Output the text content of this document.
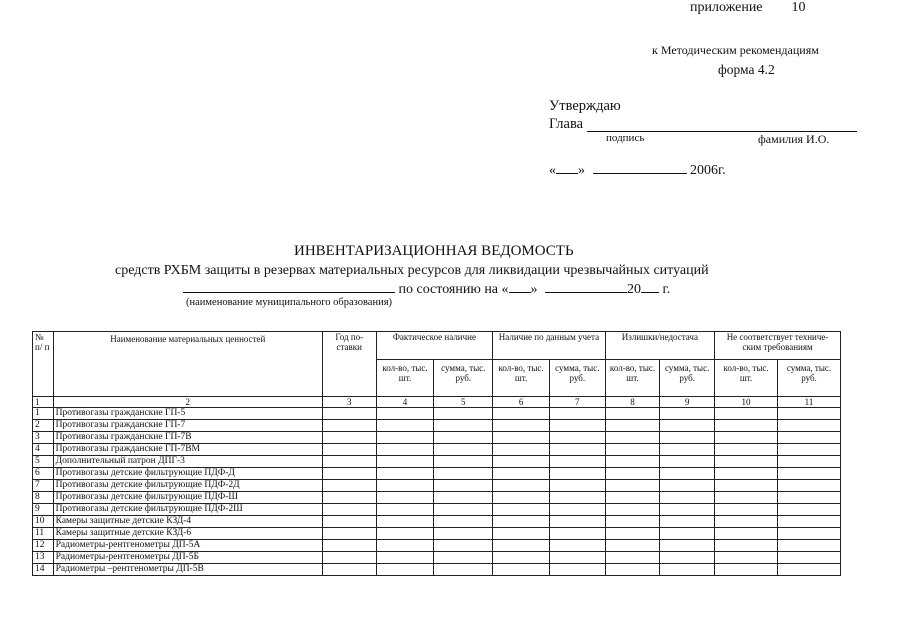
приложение 10
к Методическим рекомендациям
форма 4.2
Утверждаю
Глава
подпись	фамилия И.О.
« »	2006г.
ИНВЕНТАРИЗАЦИОННАЯ ВЕДОМОСТЬ
средств РХБМ защиты в резервах материальных ресурсов для ликвидации чрезвычайных ситуаций
по состоянию на « »	20 г.
(наименование муниципального образования)
№ п/ п	Наименование материальных ценностей	Год по- ставки	Фактическое наличие		Наличие по данным учета		Излишки/недостача		Не соответствует техниче- ским требованиям	
			кол-во, тыс. шт.	сумма, тыс. руб.	кол-во, тыс. шт.	сумма, тыс. руб.	кол-во, тыс. шт.	сумма, тыс. руб.	кол-во, тыс. шт.	сумма, тыс. руб.
1	2	3	4	5	6	7	8	9	10	11
1	Противогазы гражданские ГП-5									
2	Противогазы гражданские ГП-7									
3	Противогазы гражданские ГП-7В									
4	Противогазы гражданские ГП-7ВМ									
5	Дополнительный патрон ДПГ-3									
6	Противогазы детские фильтрующие ПДФ-Д									
7	Противогазы детские фильтрующие ПДФ-2Д									
8	Противогазы детские фильтрующие ПДФ-Ш									
9	Противогазы детские фильтрующие ПДФ-2Ш									
10	Камеры защитные детские КЗД-4									
11	Камеры защитные детские КЗД-6									
12	Радиометры-рентгенометры ДП-5А									
13	Радиометры-рентгенометры ДП-5Б									
14	Радиометры –рентгенометры ДП-5В									
